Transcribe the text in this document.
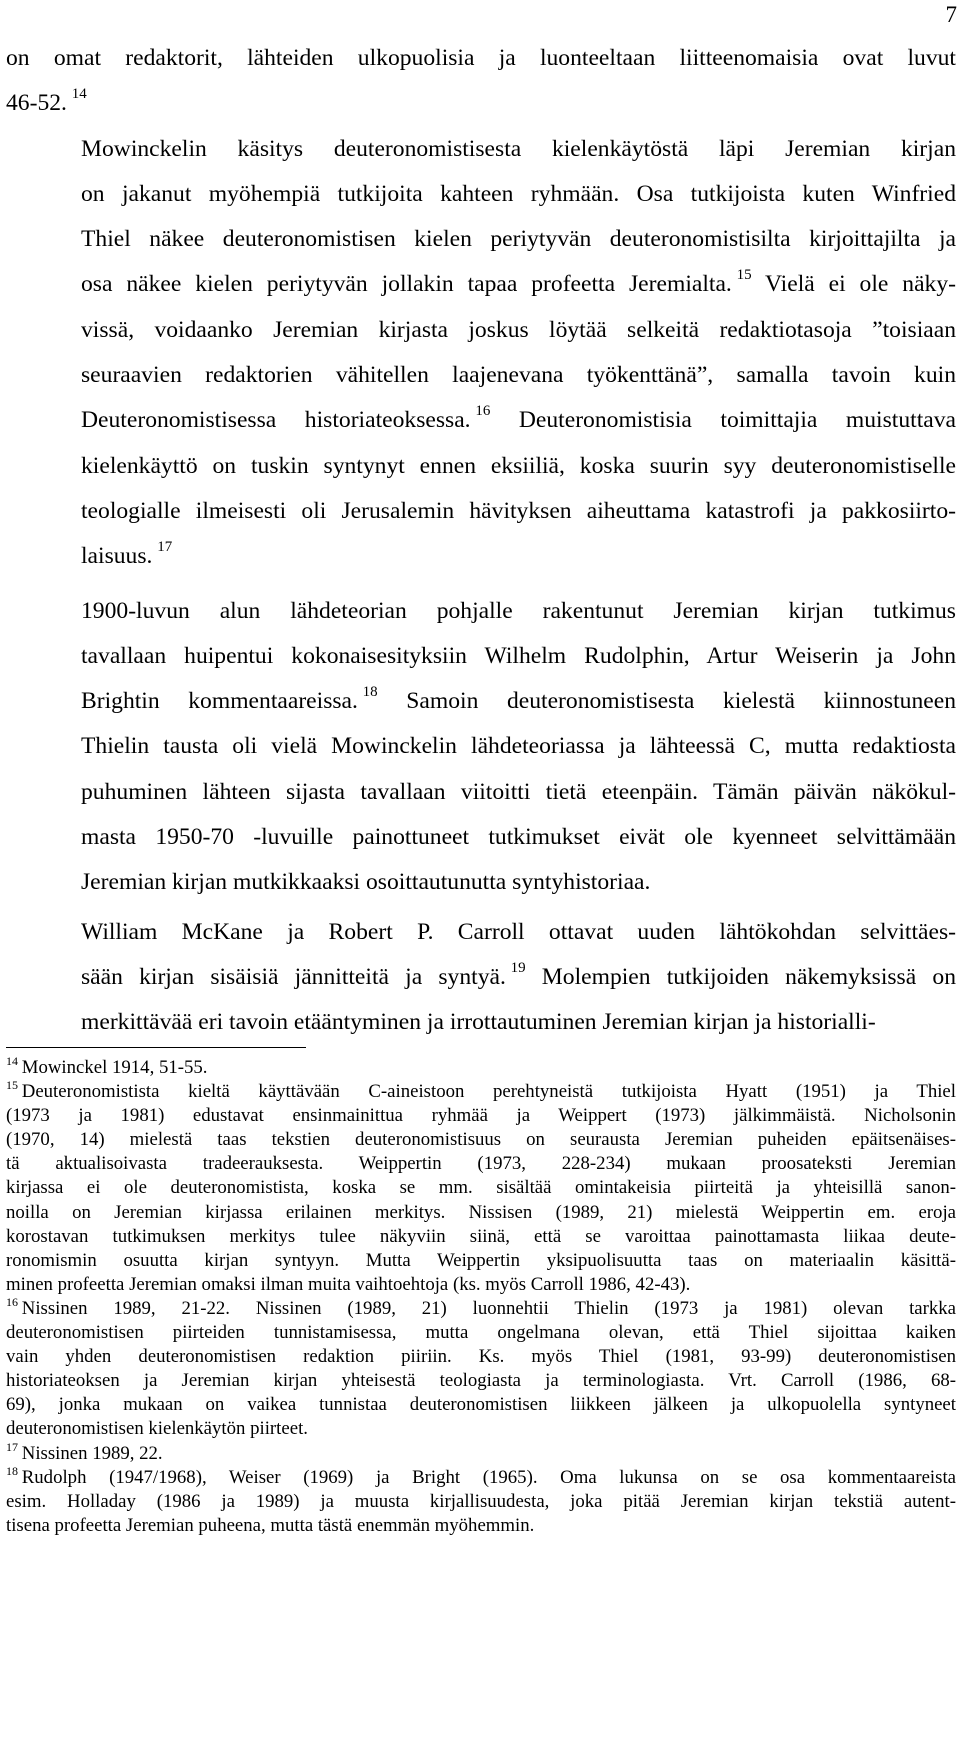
7

on omat redaktorit, lähteiden ulkopuolisia ja luonteeltaan liitteenomaisia ovat luvut
46-52.  $^{14}$

Mowinckelin käsitys deuteronomistisesta kielenkäytöstä läpi Jeremian kirjan
on jakanut myöhempiä tutkijoita kahteen ryhmään. Osa tutkijoista kuten Winfried
Thiel näkee deuteronomistisen kielen periytyvän deuteronomistisilta kirjoittajilta ja
osa näkee kielen periytyvän jollakin tapaa profeetta Jeremialta.  $^{15}$ Vielä ei ole näky-
vissä, voidaanko Jeremian kirjasta joskus löytää selkeitä redaktiotasoja ”toisiaan
seuraavien redaktorien vähitellen laajenevana työkenttänä”, samalla tavoin kuin
Deuteronomistisessa historiateoksessa.  $^{16}$ Deuteronomistisia toimittajia muistuttava
kielenkäyttö on tuskin syntynyt ennen eksiiliä, koska suurin syy deuteronomistiselle
teologialle ilmeisesti oli Jerusalemin hävityksen aiheuttama katastrofi ja pakkosiirto-
laisuus.  $^{17}$

1900-luvun alun lähdeteorian pohjalle rakentunut Jeremian kirjan tutkimus
tavallaan huipentui kokonaisesityksiin Wilhelm Rudolphin, Artur Weiserin ja John
Brightin kommentaareissa.  $^{18}$ Samoin deuteronomistisesta kielestä kiinnostuneen
Thielin tausta oli vielä Mowinckelin lähdeteoriassa ja lähteessä C, mutta redaktiosta
puhuminen lähteen sijasta tavallaan viitoitti tietä eteenpäin. Tämän päivän näkökul-
masta 1950-70 -luvuille painottuneet tutkimukset eivät ole kyenneet selvittämään
Jeremian kirjan mutkikkaaksi osoittautunutta syntyhistoriaa.

William McKane ja Robert P. Carroll ottavat uuden lähtökohdan selvittäes-
sään kirjan sisäisiä jännitteitä ja syntyä.  $^{19}$ Molempien tutkijoiden näkemyksissä on
merkittävää eri tavoin etääntyminen ja irrottautuminen Jeremian kirjan ja historialli-

$^{14}$  Mowinckel 1914, 51-55.

$^{15}$  Deuteronomistista kieltä käyttävään C-aineistoon perehtyneistä tutkijoista Hyatt (1951) ja Thiel
(1973 ja 1981) edustavat ensinmainittua ryhmää ja Weippert (1973) jälkimmäistä. Nicholsonin
(1970, 14) mielestä taas tekstien deuteronomistisuus on seurausta Jeremian puheiden epäitsenäises-
tä aktualisoivasta tradeerauksesta. Weippertin (1973, 228-234) mukaan proosateksti Jeremian
kirjassa ei ole deuteronomistista, koska se mm. sisältää omintakeisia piirteitä ja yhteisillä sanon-
noilla on Jeremian kirjassa erilainen merkitys. Nissisen (1989, 21) mielestä Weippertin em. eroja
korostavan tutkimuksen merkitys tulee näkyviin siinä, että se varoittaa painottamasta liikaa deute-
ronomismin osuutta kirjan syntyyn. Mutta Weippertin yksipuolisuutta taas on materiaalin käsittä-
minen profeetta Jeremian omaksi ilman muita vaihtoehtoja (ks. myös Carroll 1986, 42-43).

$^{16}$  Nissinen 1989, 21-22. Nissinen (1989, 21) luonnehtii Thielin (1973 ja 1981) olevan tarkka
deuteronomistisen piirteiden tunnistamisessa, mutta ongelmana olevan, että Thiel sijoittaa kaiken
vain yhden deuteronomistisen redaktion piiriin. Ks. myös Thiel (1981, 93-99) deuteronomistisen
historiateoksen ja Jeremian kirjan yhteisestä teologiasta ja terminologiasta. Vrt. Carroll (1986, 68-
69), jonka mukaan on vaikea tunnistaa deuteronomistisen liikkeen jälkeen ja ulkopuolella syntyneet
deuteronomistisen kielenkäytön piirteet.

$^{17}$  Nissinen 1989, 22.

$^{18}$  Rudolph (1947/1968), Weiser (1969) ja Bright (1965). Oma lukunsa on se osa kommentaareista
esim. Holladay (1986 ja 1989) ja muusta kirjallisuudesta, joka pitää Jeremian kirjan tekstiä autent-
tisena profeetta Jeremian puheena, mutta tästä enemmän myöhemmin.
